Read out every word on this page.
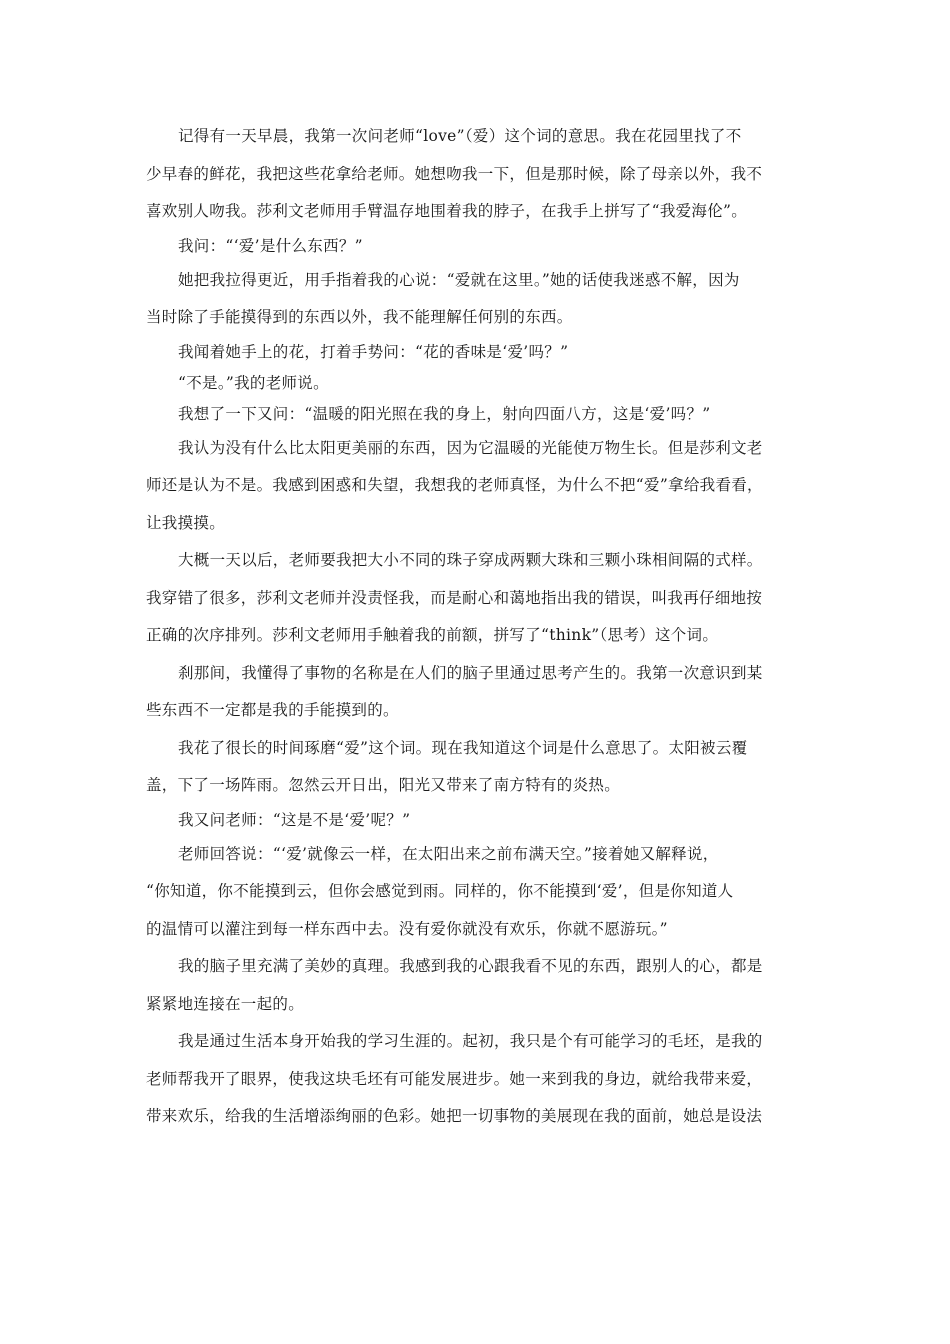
记得有一天早晨，我第一次问老师“love”（爱）这个词的意思。我在花园里找了不
少早春的鲜花，我把这些花拿给老师。她想吻我一下，但是那时候，除了母亲以外，我不
喜欢别人吻我。莎利文老师用手臂温存地围着我的脖子，在我手上拼写了“我爱海伦”。
我问：“‘爱’是什么东西？”
她把我拉得更近，用手指着我的心说：“爱就在这里。”她的话使我迷惑不解，因为
当时除了手能摸得到的东西以外，我不能理解任何别的东西。
我闻着她手上的花，打着手势问：“花的香味是‘爱’吗？”
“不是。”我的老师说。
我想了一下又问：“温暖的阳光照在我的身上，射向四面八方，这是‘爱’吗？”
我认为没有什么比太阳更美丽的东西，因为它温暖的光能使万物生长。但是莎利文老
师还是认为不是。我感到困惑和失望，我想我的老师真怪，为什么不把“爱”拿给我看看，
让我摸摸。
大概一天以后，老师要我把大小不同的珠子穿成两颗大珠和三颗小珠相间隔的式样。
我穿错了很多，莎利文老师并没责怪我，而是耐心和蔼地指出我的错误，叫我再仔细地按
正确的次序排列。莎利文老师用手触着我的前额，拼写了“think”（思考）这个词。
刹那间，我懂得了事物的名称是在人们的脑子里通过思考产生的。我第一次意识到某
些东西不一定都是我的手能摸到的。
我花了很长的时间琢磨“爱”这个词。现在我知道这个词是什么意思了。太阳被云覆
盖，下了一场阵雨。忽然云开日出，阳光又带来了南方特有的炎热。
我又问老师：“这是不是‘爱’呢？”
老师回答说：“‘爱’就像云一样，在太阳出来之前布满天空。”接着她又解释说，
“你知道，你不能摸到云，但你会感觉到雨。同样的，你不能摸到‘爱’，但是你知道人
的温情可以灌注到每一样东西中去。没有爱你就没有欢乐，你就不愿游玩。”
我的脑子里充满了美妙的真理。我感到我的心跟我看不见的东西，跟别人的心，都是
紧紧地连接在一起的。
我是通过生活本身开始我的学习生涯的。起初，我只是个有可能学习的毛坯，是我的
老师帮我开了眼界，使我这块毛坯有可能发展进步。她一来到我的身边，就给我带来爱，
带来欢乐，给我的生活增添绚丽的色彩。她把一切事物的美展现在我的面前，她总是设法
